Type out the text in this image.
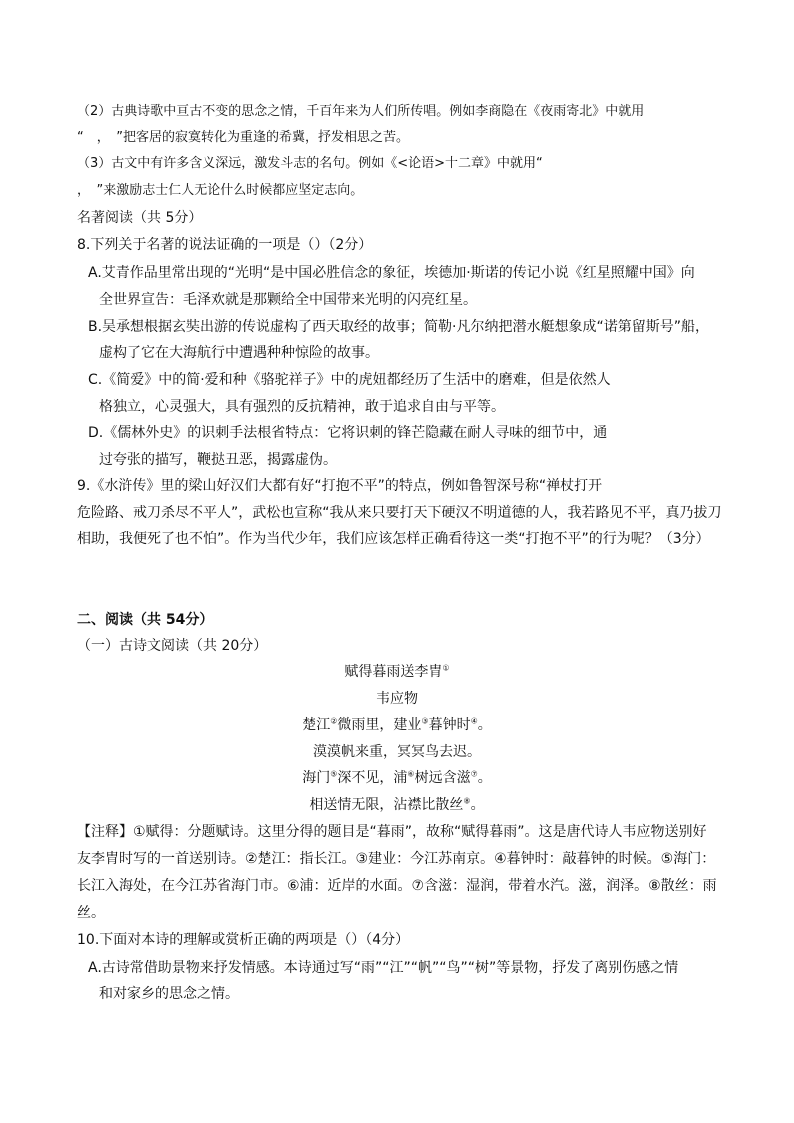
（2）古典诗歌中亘古不变的思念之情，千百年来为人们所传唱。例如李商隐在《夜雨寄北》中就用
“　，　”把客居的寂寞转化为重逢的希冀，抒发相思之苦。
（3）古文中有许多含义深远，激发斗志的名句。例如《<论语>十二章》中就用“
，　”来激励志士仁人无论什么时候都应坚定志向。
名著阅读（共 5分）
8.下列关于名著的说法证确的一项是（）（2分）
A.艾青作品里常出现的“光明“是中国必胜信念的象征，埃德加·斯诺的传记小说《红星照耀中国》向
全世界宣告：毛泽欢就是那颗给全中国带来光明的闪亮红星。
B.吴承想根据玄奘出游的传说虚构了西天取经的故事；简勒·凡尔纳把潜水艇想象成“诺第留斯号”船，
虚构了它在大海航行中遭遇种种惊险的故事。
C.《简爱》中的简·爱和种《骆驼祥子》中的虎妞都经历了生活中的磨难，但是依然人
格独立，心灵强大，具有强烈的反抗精神，敢于追求自由与平等。
D.《儒林外史》的识刺手法根省特点：它将识刺的锋芒隐藏在耐人寻味的细节中，通
过夸张的描写，鞭挞丑恶，揭露虚伪。
9.《水浒传》里的梁山好汉们大都有好“打抱不平”的特点，例如鲁智深号称“禅杖打开
危险路、戒刀杀尽不平人”，武松也宣称“我从来只要打天下硬汉不明道德的人，我若路见不平，真乃拔刀
相助，我便死了也不怕”。作为当代少年，我们应该怎样正确看待这一类“打抱不平”的行为呢？（3分）
二、阅读（共 54分）
（一）古诗文阅读（共 20分）
赋得暮雨送李胄①
韦应物
楚江②微雨里，建业③暮钟时④。
漠漠帆来重，冥冥鸟去迟。
海门⑤深不见，浦⑥树远含滋⑦。
相送情无限，沾襟比散丝⑧。
【注释】①赋得：分题赋诗。这里分得的题目是“暮雨”，故称“赋得暮雨”。这是唐代诗人韦应物送别好
友李胄时写的一首送别诗。②楚江：指长江。③建业：今江苏南京。④暮钟时：敲暮钟的时候。⑤海门：
长江入海处，在今江苏省海门市。⑥浦：近岸的水面。⑦含滋：湿润，带着水汽。滋，润泽。⑧散丝：雨
丝。
10.下面对本诗的理解或赏析正确的两项是（）（4分）
A.古诗常借助景物来抒发情感。本诗通过写“雨”“江”“帆”“鸟”“树”等景物，抒发了离别伤感之情
和对家乡的思念之情。
